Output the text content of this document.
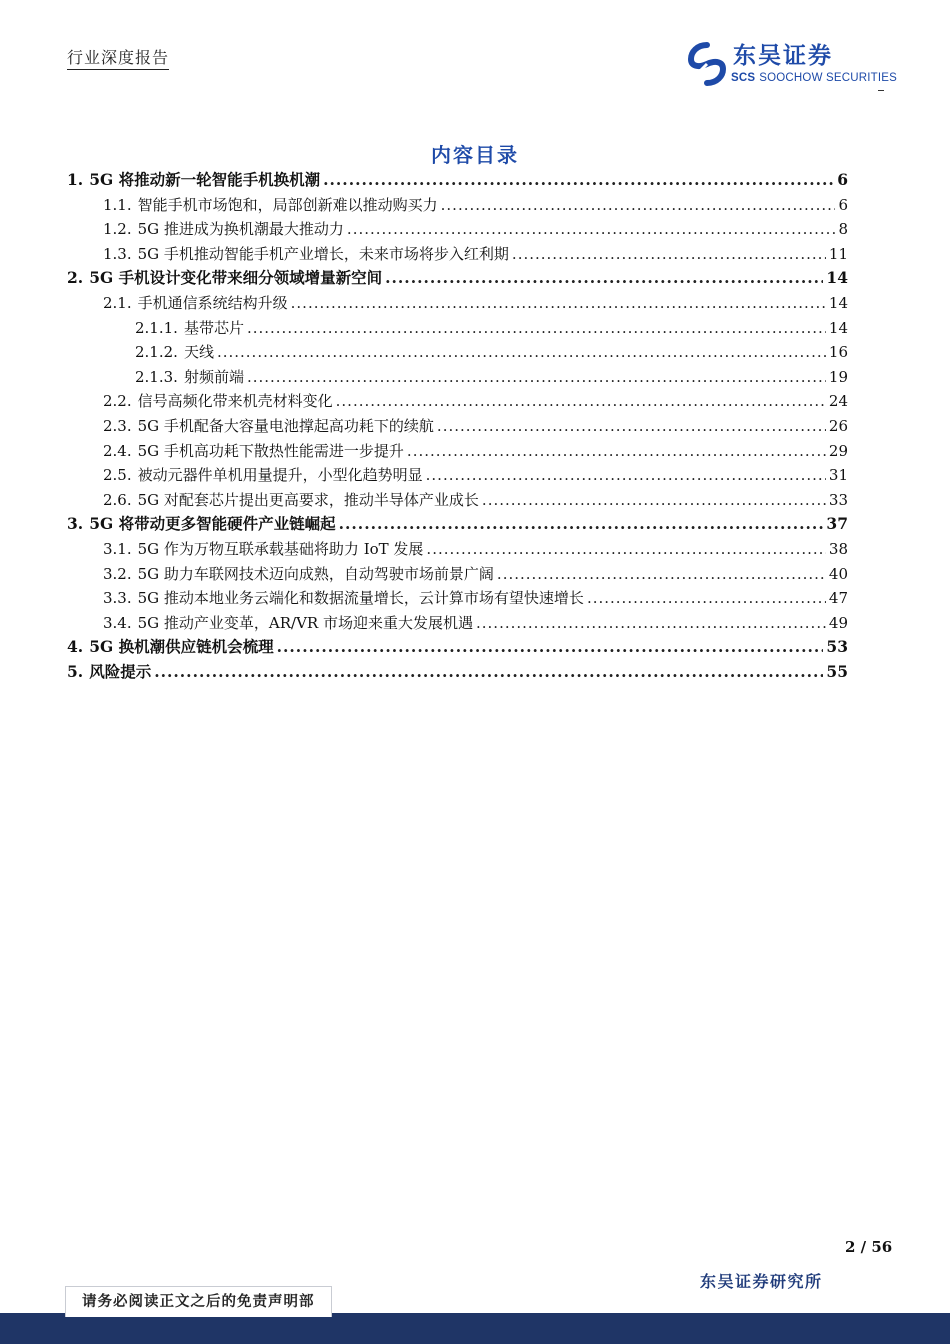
行业深度报告	东吴证券
SCS SOOCHOW SECURITIES
内容目录
1. 5G 将推动新一轮智能手机换机潮 .....	6
1.1. 智能手机市场饱和，局部创新难以推动购买力 .....	6
1.2. 5G 推进成为换机潮最大推动力 .....	8
1.3. 5G 手机推动智能手机产业增长，未来市场将步入红利期 .....	11
2. 5G 手机设计变化带来细分领域增量新空间 .....	14
2.1. 手机通信系统结构升级 .....	14
2.1.1. 基带芯片 .....	14
2.1.2. 天线 .....	16
2.1.3. 射频前端 .....	19
2.2. 信号高频化带来机壳材料变化 .....	24
2.3. 5G 手机配备大容量电池撑起高功耗下的续航 .....	26
2.4. 5G 手机高功耗下散热性能需进一步提升 .....	29
2.5. 被动元器件单机用量提升，小型化趋势明显 .....	31
2.6. 5G 对配套芯片提出更高要求，推动半导体产业成长 .....	33
3. 5G 将带动更多智能硬件产业链崛起 .....	37
3.1. 5G 作为万物互联承载基础将助力 IoT 发展 .....	38
3.2. 5G 助力车联网技术迈向成熟，自动驾驶市场前景广阔 .....	40
3.3. 5G 推动本地业务云端化和数据流量增长，云计算市场有望快速增长 .....	47
3.4. 5G 推动产业变革，AR/VR 市场迎来重大发展机遇 .....	49
4. 5G 换机潮供应链机会梳理 .....	53
5. 风险提示 .....	55
2 / 56
东吴证券研究所
请务必阅读正文之后的免责声明部
